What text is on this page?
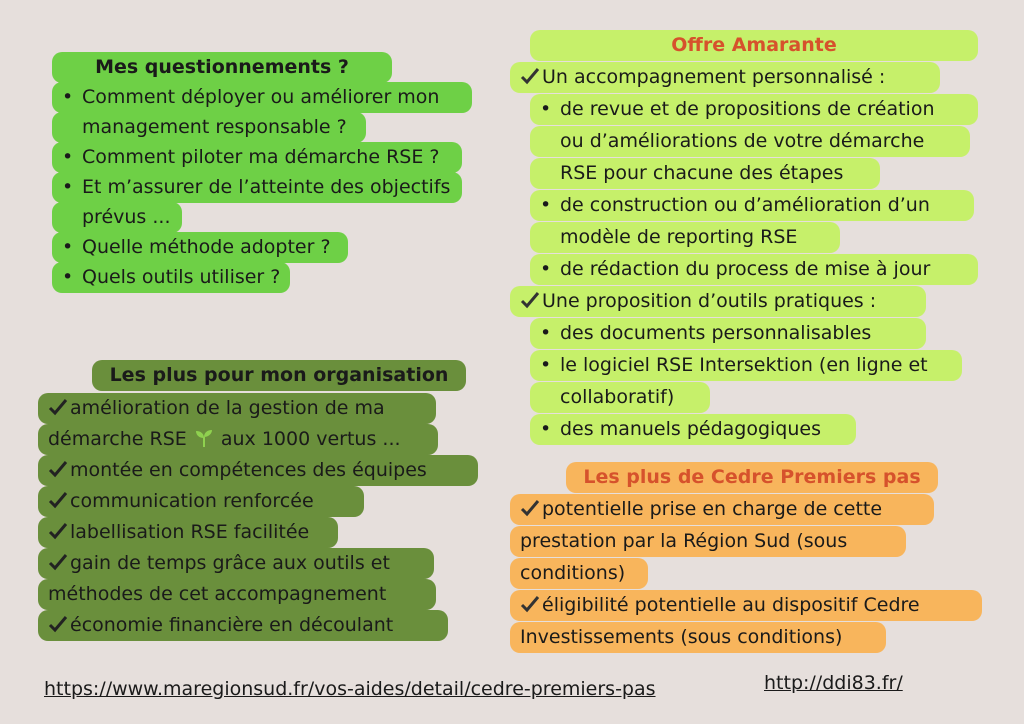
Mes questionnements ?
• Comment déployer ou améliorer mon
management responsable ?
• Comment piloter ma démarche RSE ?
• Et m’assurer de l’atteinte des objectifs
prévus ...
• Quelle méthode adopter ?
• Quels outils utiliser ?
Offre Amarante
Un accompagnement personnalisé :
• de revue et de propositions de création
ou d’améliorations de votre démarche
RSE pour chacune des étapes
• de construction ou d’amélioration d’un
modèle de reporting RSE
• de rédaction du process de mise à jour
Une proposition d’outils pratiques :
• des documents personnalisables
• le logiciel RSE Intersektion (en ligne et
collaboratif)
• des manuels pédagogiques
Les plus pour mon organisation
amélioration de la gestion de ma
démarche RSE aux 1000 vertus ...
montée en compétences des équipes
communication renforcée
labellisation RSE facilitée
gain de temps grâce aux outils et
méthodes de cet accompagnement
économie financière en découlant
Les plus de Cedre Premiers pas
potentielle prise en charge de cette
prestation par la Région Sud (sous
conditions)
éligibilité potentielle au dispositif Cedre
Investissements (sous conditions)
https://www.maregionsud.fr/vos-aides/detail/cedre-premiers-pas	http://ddi83.fr/
